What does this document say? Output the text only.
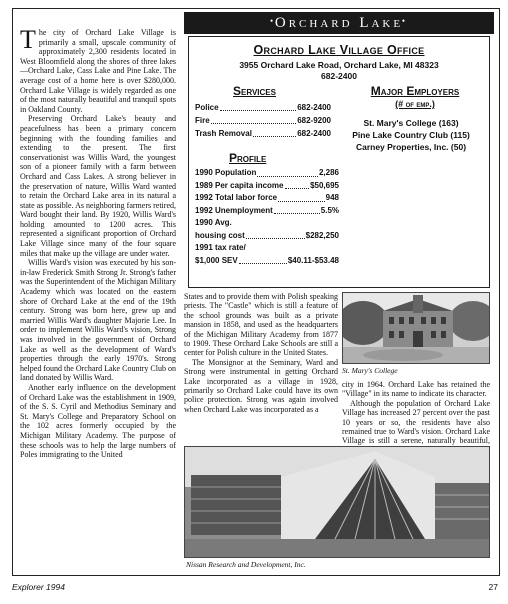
The city of Orchard Lake Village is primarily a small, upscale community of approximately 2,300 residents located in West Bloomfield along the shores of three lakes—Orchard Lake, Cass Lake and Pine Lake. The average cost of a home here is over $280,000. Orchard Lake Village is widely regarded as one of the most naturally beautiful and tranquil spots in Oakland County.

Preserving Orchard Lake's beauty and peacefulness has been a primary concern beginning with the founding families and extending to the present. The first conservationist was Willis Ward, the youngest son of a pioneer family with a farm between Orchard and Cass Lakes. A strong believer in the preservation of nature, Willis Ward wanted to retain the Orchard Lake area in its natural a state as possible. As neighboring farmers retired, Ward bought their land. By 1920, Willis Ward's holding amounted to 1200 acres. This represented a significant proportion of Orchard Lake Village since many of the four square miles that make up the village are under water.

Willis Ward's vision was executed by his son-in-law Frederick Smith Strong Jr. Strong's father was the Superintendent of the Michigan Military Academy which was located on the eastern shore of Orchard Lake at the end of the 19th century. Strong was born here, grew up and married Willis Ward's daughter Majorie Lee. In order to implement Willis Ward's vision, Strong was involved in the government of Orchard Lake as well as the development of Ward's properties through the early 1970's. Strong helped found the Orchard Lake Country Club on land donated by Willis Ward.

Another early influence on the development of Orchard Lake was the establishment in 1909, of the S. S. Cyril and Methodius Seminary and St. Mary's College and Preparatory School on the 102 acres formerly occupied by the Michigan Military Academy. The purpose of these schools was to help the large numbers of Poles immigrating to the United

•
Orchard Lake
•
Orchard Lake Village Office
3955 Orchard Lake Road, Orchard Lake, MI 48323
682-2400
Services
Police	682-2400
Fire	682-9200
Trash Removal	682-2400
Major Employers
(# of emp.)
St. Mary's College (163)
Pine Lake Country Club (115)
Carney Properties, Inc. (50)
Profile
1990 Population	2,286
1989 Per capita income	$50,695
1992 Total labor force	948
1992 Unemployment	5.5%
1990 Avg.
housing cost	$282,250
1991 tax rate/
$1,000 SEV	$40.11-$53.48
St. Mary's College

States and to provide them with Polish speaking priests. The "Castle" which is still a feature of the school grounds was built as a private mansion in 1858, and used as the headquarters of the Michigan Military Academy from 1877 to 1909. These Orchard Lake Schools are still a center for Polish culture in the United States.

The Monsignor at the Seminary, Ward and Strong were instrumental in getting Orchard Lake incorporated as a village in 1928, primarily so Orchard Lake could have its own police protection. Strong was again involved when Orchard Lake was incorporated as a

city in 1964. Orchard Lake has retained the "Village" in its name to indicate its character.

Although the population of Orchard Lake Village has increased 27 percent over the past 10 years or so, the residents have also remained true to Ward's vision. Orchard Lake Village is still a serene, naturally beautiful,

Nissan Research and Development, Inc.
Explorer 1994	27
